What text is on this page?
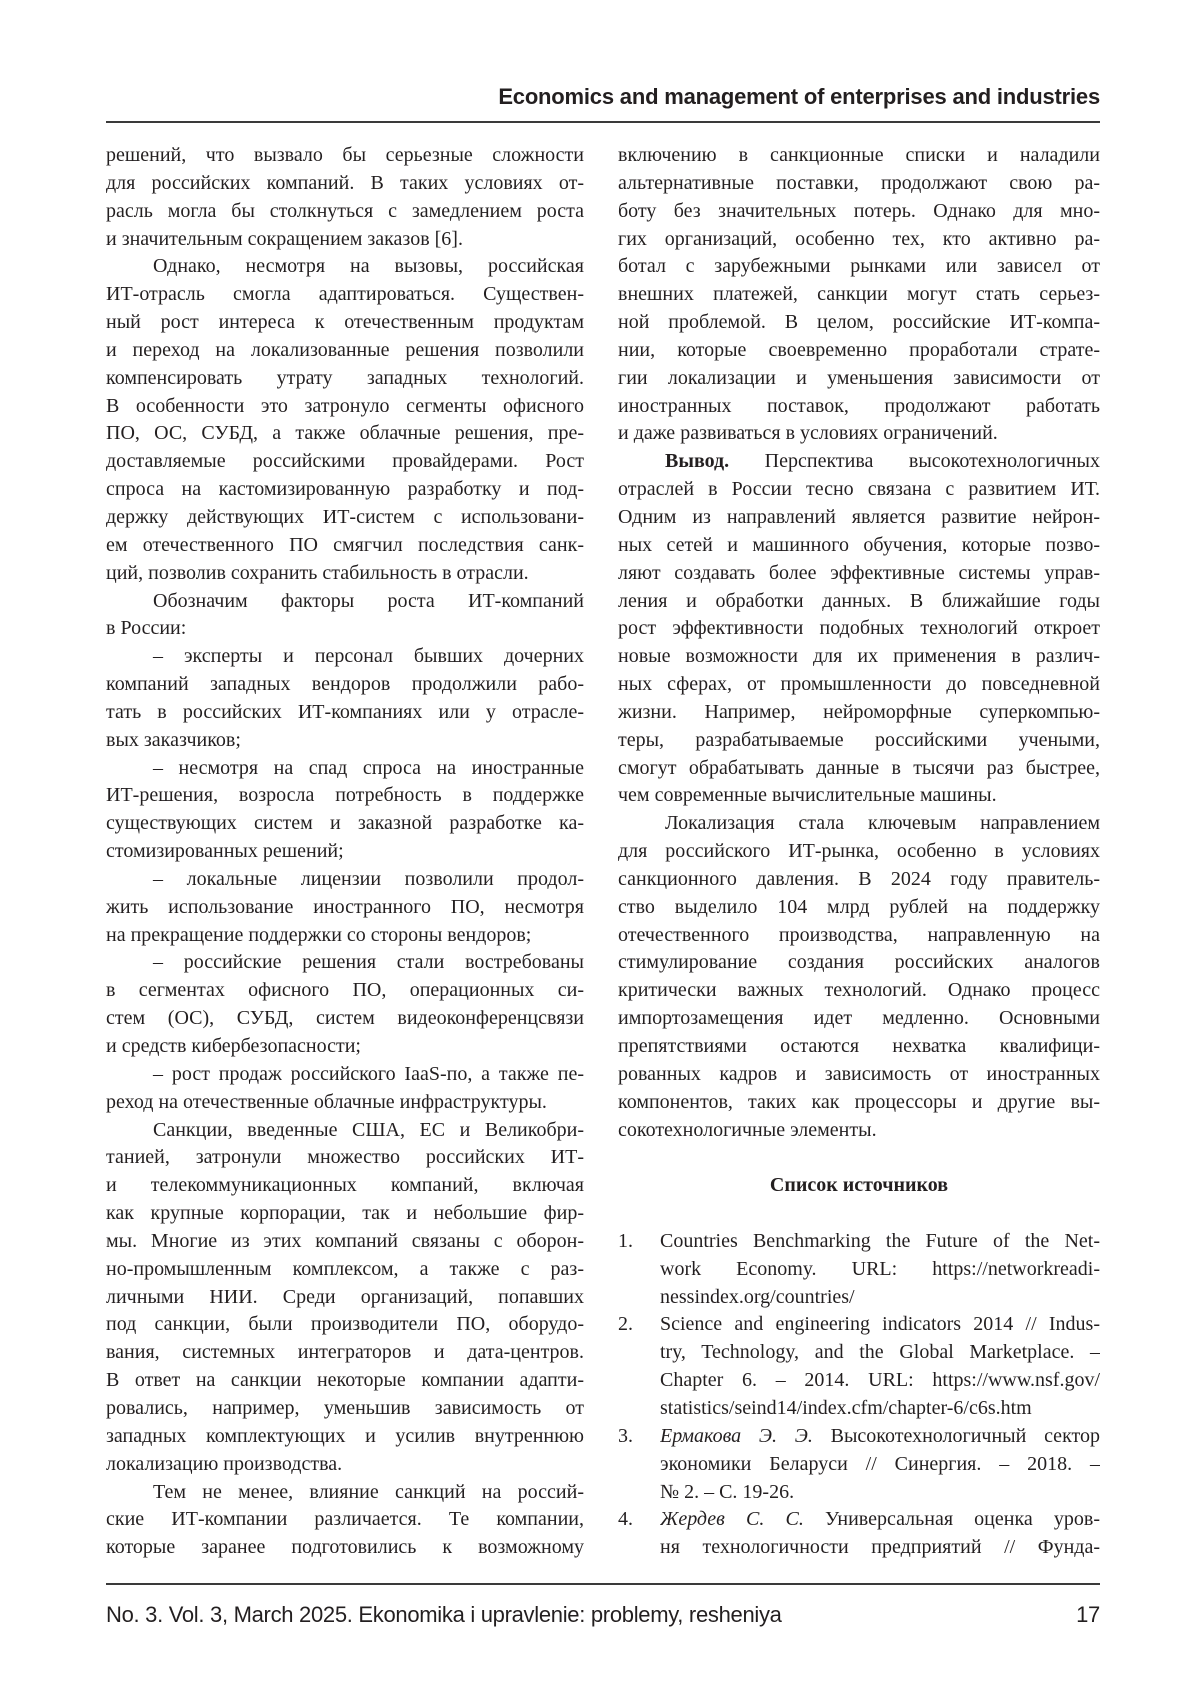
Economics and management of enterprises and industries
решений, что вызвало бы серьезные сложности
для российских компаний. В таких условиях от-
расль могла бы столкнуться с замедлением роста
и значительным сокращением заказов [6].
Однако, несмотря на вызовы, российская
ИТ-отрасль смогла адаптироваться. Существен-
ный рост интереса к отечественным продуктам
и переход на локализованные решения позволили
компенсировать утрату западных технологий.
В особенности это затронуло сегменты офисного
ПО, ОС, СУБД, а также облачные решения, пре-
доставляемые российскими провайдерами. Рост
спроса на кастомизированную разработку и под-
держку действующих ИТ-систем с использовани-
ем отечественного ПО смягчил последствия санк-
ций, позволив сохранить стабильность в отрасли.
Обозначим факторы роста ИТ-компаний
в России:
– эксперты и персонал бывших дочерних
компаний западных вендоров продолжили рабо-
тать в российских ИТ-компаниях или у отрасле-
вых заказчиков;
– несмотря на спад спроса на иностранные
ИТ-решения, возросла потребность в поддержке
существующих систем и заказной разработке ка-
стомизированных решений;
– локальные лицензии позволили продол-
жить использование иностранного ПО, несмотря
на прекращение поддержки со стороны вендоров;
– российские решения стали востребованы
в сегментах офисного ПО, операционных си-
стем (ОС), СУБД, систем видеоконференцсвязи
и средств кибербезопасности;
– рост продаж российского IaaS-по, а также пе-
реход на отечественные облачные инфраструктуры.
Санкции, введенные США, ЕС и Великобри-
танией, затронули множество российских ИТ-
и телекоммуникационных компаний, включая
как крупные корпорации, так и небольшие фир-
мы. Многие из этих компаний связаны с оборон-
но-промышленным комплексом, а также с раз-
личными НИИ. Среди организаций, попавших
под санкции, были производители ПО, оборудо-
вания, системных интеграторов и дата-центров.
В ответ на санкции некоторые компании адапти-
ровались, например, уменьшив зависимость от
западных комплектующих и усилив внутреннюю
локализацию производства.
Тем не менее, влияние санкций на россий-
ские ИТ-компании различается. Те компании,
которые заранее подготовились к возможному
включению в санкционные списки и наладили
альтернативные поставки, продолжают свою ра-
боту без значительных потерь. Однако для мно-
гих организаций, особенно тех, кто активно ра-
ботал с зарубежными рынками или зависел от
внешних платежей, санкции могут стать серьез-
ной проблемой. В целом, российские ИТ-компа-
нии, которые своевременно проработали страте-
гии локализации и уменьшения зависимости от
иностранных поставок, продолжают работать
и даже развиваться в условиях ограничений.
Вывод. Перспектива высокотехнологичных
отраслей в России тесно связана с развитием ИТ.
Одним из направлений является развитие нейрон-
ных сетей и машинного обучения, которые позво-
ляют создавать более эффективные системы управ-
ления и обработки данных. В ближайшие годы
рост эффективности подобных технологий откроет
новые возможности для их применения в различ-
ных сферах, от промышленности до повседневной
жизни. Например, нейроморфные суперкомпью-
теры, разрабатываемые российскими учеными,
смогут обрабатывать данные в тысячи раз быстрее,
чем современные вычислительные машины.
Локализация стала ключевым направлением
для российского ИТ-рынка, особенно в условиях
санкционного давления. В 2024 году правитель-
ство выделило 104 млрд рублей на поддержку
отечественного производства, направленную на
стимулирование создания российских аналогов
критически важных технологий. Однако процесс
импортозамещения идет медленно. Основными
препятствиями остаются нехватка квалифици-
рованных кадров и зависимость от иностранных
компонентов, таких как процессоры и другие вы-
сокотехнологичные элементы.
Список источников
1. Countries Benchmarking the Future of the Net-
work Economy. URL: https://networkreadi-
nessindex.org/countries/
2. Science and engineering indicators 2014 // Indus-
try, Technology, and the Global Marketplace. –
Chapter 6. – 2014. URL: https://www.nsf.gov/
statistics/seind14/index.cfm/chapter-6/c6s.htm
3. Ермакова Э. Э. Высокотехнологичный сектор
экономики Беларуси // Синергия. – 2018. –
№ 2. – С. 19-26.
4. Жердев С. С. Универсальная оценка уров-
ня технологичности предприятий // Фунда-
No. 3. Vol. 3, March 2025. Ekonomika i upravlenie: problemy, resheniya	17
